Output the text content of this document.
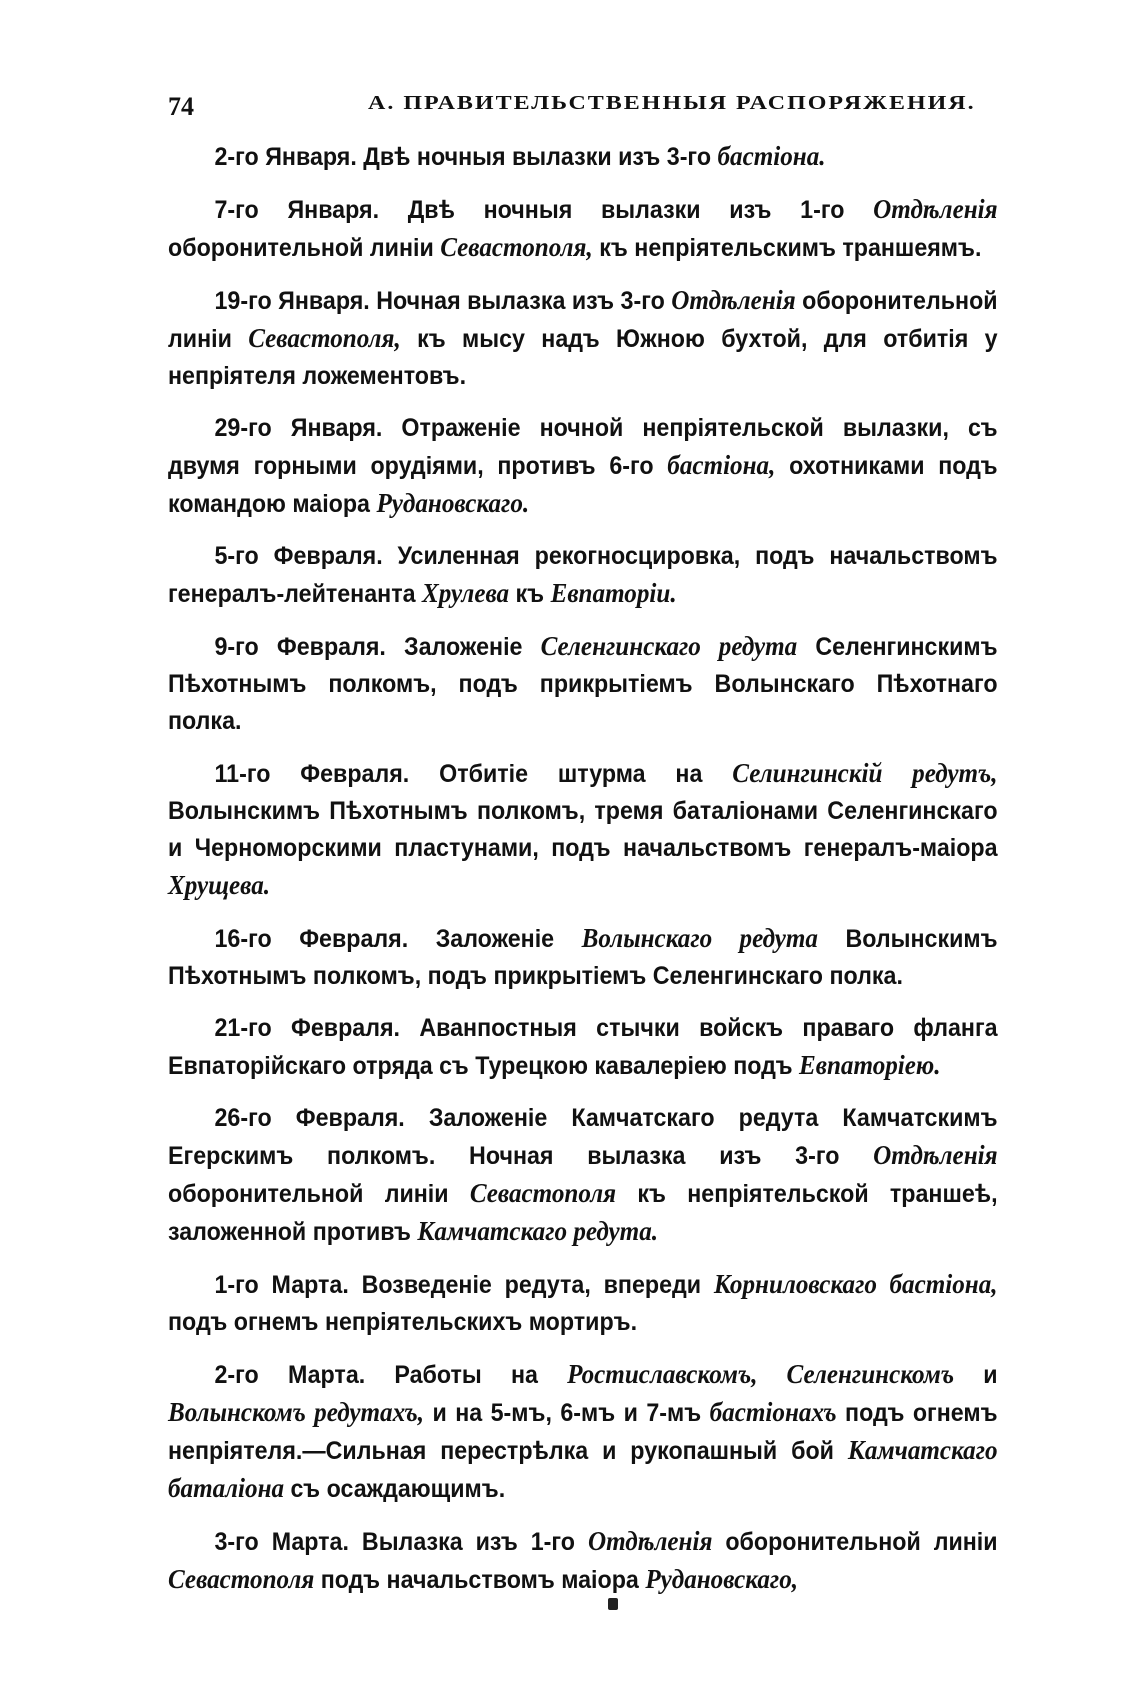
74	А. ПРАВИТЕЛЬСТВЕННЫЯ РАСПОРЯЖЕНИЯ.

2-го Января. Двѣ ночныя вылазки изъ 3-го бастіона.

7-го Января. Двѣ ночныя вылазки изъ 1-го Отдѣленія оборонительной линіи Севастополя, къ непріятельскимъ траншеямъ.

19-го Января. Ночная вылазка изъ 3-го Отдѣленія оборонительной линіи Севастополя, къ мысу надъ Южною бухтой, для отбитія у непріятеля ложементовъ.

29-го Января. Отраженіе ночной непріятельской вылазки, съ двумя горными орудіями, противъ 6-го бастіона, охотниками подъ командою маіора Рудановскаго.

5-го Февраля. Усиленная рекогносцировка, подъ начальствомъ генералъ-лейтенанта Хрулева къ Евпаторіи.

9-го Февраля. Заложеніе Селенгинскаго редута Селенгинскимъ Пѣхотнымъ полкомъ, подъ прикрытіемъ Волынскаго Пѣхотнаго полка.

11-го Февраля. Отбитіе штурма на Селингинскій редутъ, Волынскимъ Пѣхотнымъ полкомъ, тремя баталіонами Селенгинскаго и Черноморскими пластунами, подъ начальствомъ генералъ-маіора Хрущева.

16-го Февраля. Заложеніе Волынскаго редута Волынскимъ Пѣхотнымъ полкомъ, подъ прикрытіемъ Селенгинскаго полка.

21-го Февраля. Аванпостныя стычки войскъ праваго фланга Евпаторійскаго отряда съ Турецкою кавалеріею подъ Евпаторіею.

26-го Февраля. Заложеніе Камчатскаго редута Камчатскимъ Егерскимъ полкомъ. Ночная вылазка изъ 3-го Отдѣленія оборонительной линіи Севастополя къ непріятельской траншеѣ, заложенной противъ Камчатскаго редута.

1-го Марта. Возведеніе редута, впереди Корниловскаго бастіона, подъ огнемъ непріятельскихъ мортиръ.

2-го Марта. Работы на Ростиславскомъ, Селенгинскомъ и Волынскомъ редутахъ, и на 5-мъ, 6-мъ и 7-мъ бастіонахъ подъ огнемъ непріятеля.—Сильная перестрѣлка и рукопашный бой Камчатскаго баталіона съ осаждающимъ.

3-го Марта. Вылазка изъ 1-го Отдѣленія оборонительной линіи Севастополя подъ начальствомъ маіора Рудановскаго,
